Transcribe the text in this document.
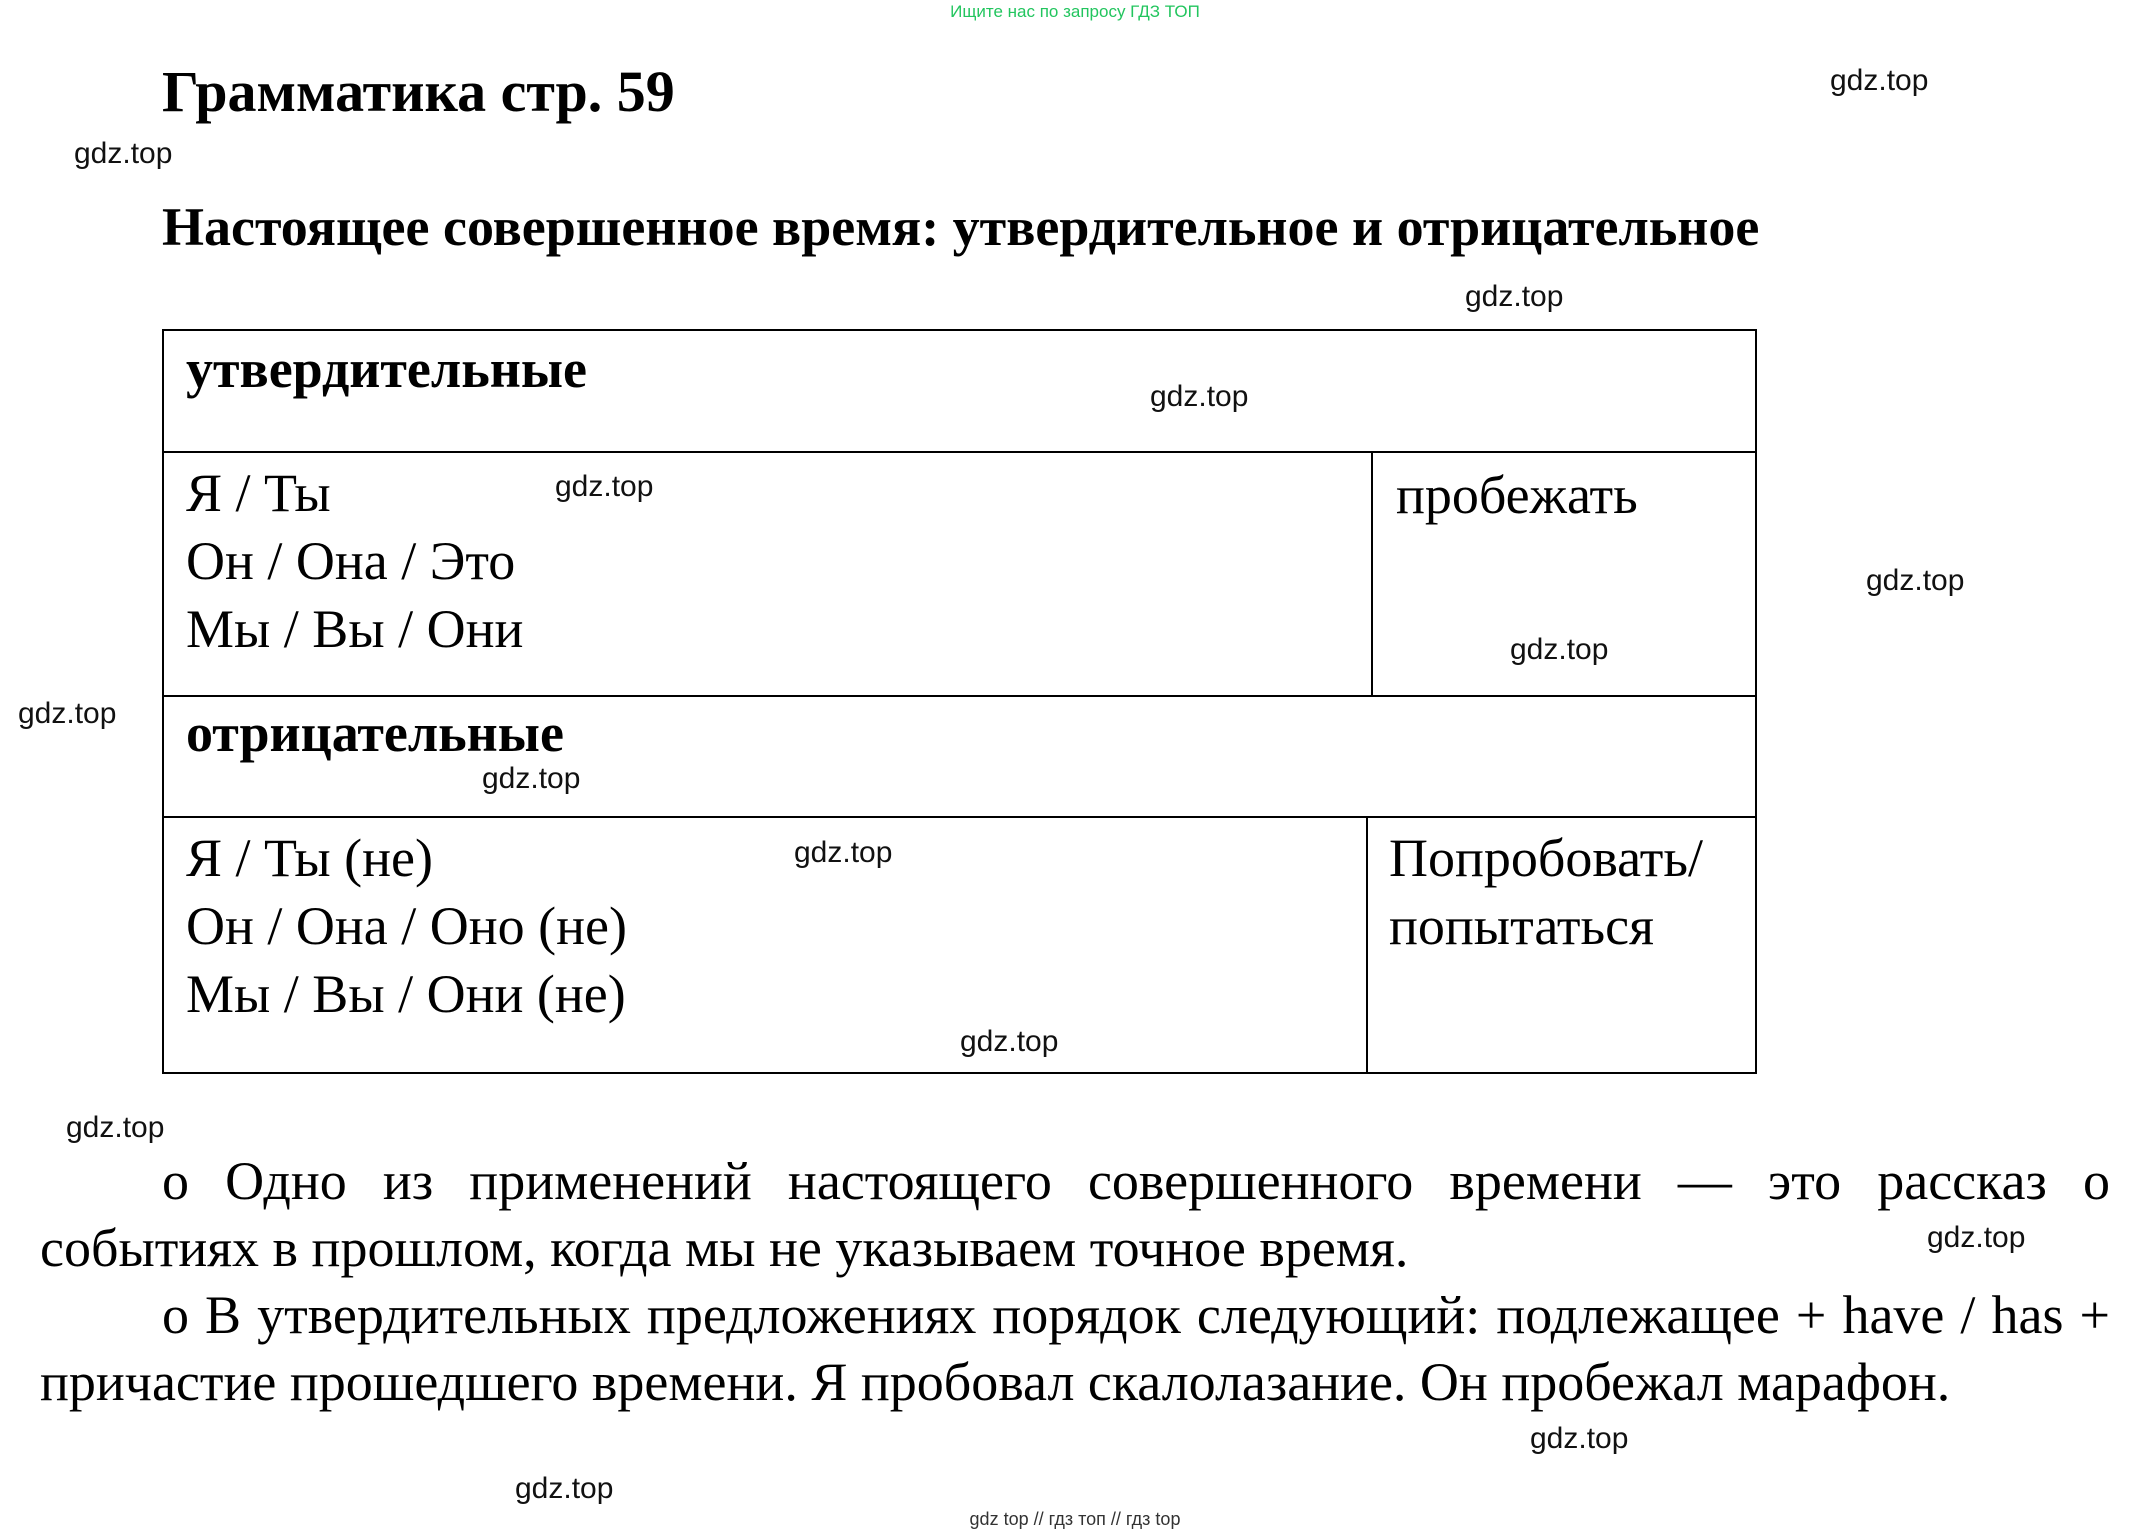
Ищите нас по запросу ГДЗ ТОП
Грамматика стр. 59
Настоящее совершенное время: утвердительное и отрицательное
утвердительные
Я / Ты
Он / Она / Это
Мы / Вы / Они
пробежать
отрицательные
Я / Ты (не)
Он / Она / Оно (не)
Мы / Вы / Они (не)
Попробовать/
попытаться
о Одно из применений настоящего совершенного времени — это рассказ о событиях в прошлом, когда мы не указываем точное время.
о В утвердительных предложениях порядок следующий: подлежащее + have / has + причастие прошедшего времени. Я пробовал скалолазание. Он пробежал марафон.
gdz.top
gdz.top
gdz.top
gdz.top
gdz.top
gdz.top
gdz.top
gdz.top
gdz.top
gdz.top
gdz.top
gdz.top
gdz.top
gdz.top
gdz.top
gdz top // гдз топ // гдз top
